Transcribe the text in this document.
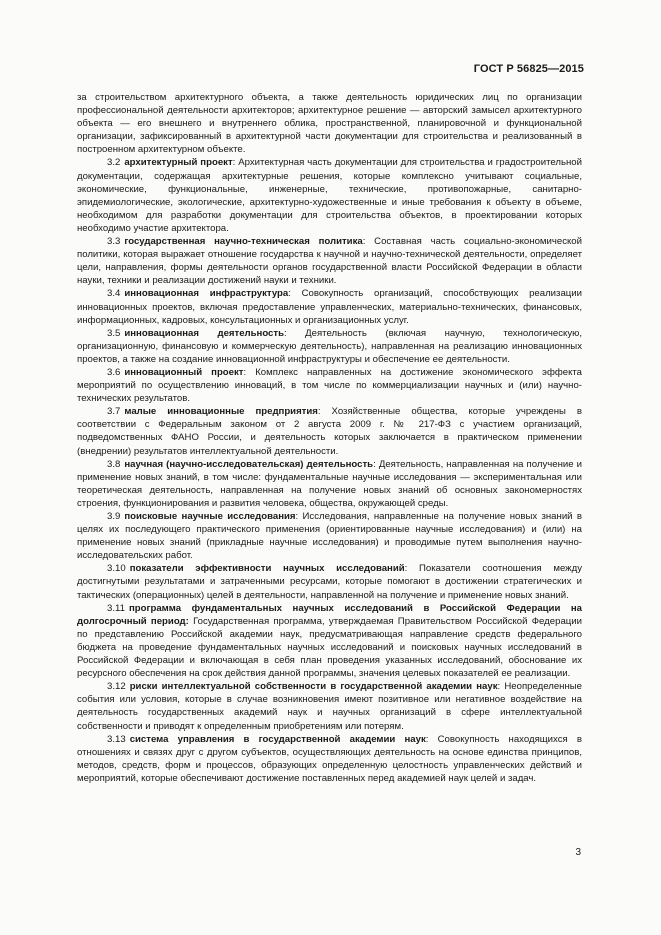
ГОСТ Р 56825—2015

за строительством архитектурного объекта, а также деятельность юридических лиц по организации профессиональной деятельности архитекторов; архитектурное решение — авторский замысел архитектурного объекта — его внешнего и внутреннего облика, пространственной, планировочной и функциональной организации, зафиксированный в архитектурной части документации для строительства и реализованный в построенном архитектурном объекте.

3.2 архитектурный проект: Архитектурная часть документации для строительства и градостроительной документации, содержащая архитектурные решения, которые комплексно учитывают социальные, экономические, функциональные, инженерные, технические, противопожарные, санитарно-эпидемиологические, экологические, архитектурно-художественные и иные требования к объекту в объеме, необходимом для разработки документации для строительства объектов, в проектировании которых необходимо участие архитектора.

3.3 государственная научно-техническая политика: Составная часть социально-экономической политики, которая выражает отношение государства к научной и научно-технической деятельности, определяет цели, направления, формы деятельности органов государственной власти Российской Федерации в области науки, техники и реализации достижений науки и техники.

3.4 инновационная инфраструктура: Совокупность организаций, способствующих реализации инновационных проектов, включая предоставление управленческих, материально-технических, финансовых, информационных, кадровых, консультационных и организационных услуг.

3.5 инновационная деятельность: Деятельность (включая научную, технологическую, организационную, финансовую и коммерческую деятельность), направленная на реализацию инновационных проектов, а также на создание инновационной инфраструктуры и обеспечение ее деятельности.

3.6 инновационный проект: Комплекс направленных на достижение экономического эффекта мероприятий по осуществлению инноваций, в том числе по коммерциализации научных и (или) научно-технических результатов.

3.7 малые инновационные предприятия: Хозяйственные общества, которые учреждены в соответствии с Федеральным законом от 2 августа 2009 г. № 217-ФЗ с участием организаций, подведомственных ФАНО России, и деятельность которых заключается в практическом применении (внедрении) результатов интеллектуальной деятельности.

3.8 научная (научно-исследовательская) деятельность: Деятельность, направленная на получение и применение новых знаний, в том числе: фундаментальные научные исследования — экспериментальная или теоретическая деятельность, направленная на получение новых знаний об основных закономерностях строения, функционирования и развития человека, общества, окружающей среды.

3.9 поисковые научные исследования: Исследования, направленные на получение новых знаний в целях их последующего практического применения (ориентированные научные исследования) и (или) на применение новых знаний (прикладные научные исследования) и проводимые путем выполнения научно-исследовательских работ.

3.10 показатели эффективности научных исследований: Показатели соотношения между достигнутыми результатами и затраченными ресурсами, которые помогают в достижении стратегических и тактических (операционных) целей в деятельности, направленной на получение и применение новых знаний.

3.11 программа фундаментальных научных исследований в Российской Федерации на долгосрочный период: Государственная программа, утверждаемая Правительством Российской Федерации по представлению Российской академии наук, предусматривающая направление средств федерального бюджета на проведение фундаментальных научных исследований и поисковых научных исследований в Российской Федерации и включающая в себя план проведения указанных исследований, обоснование их ресурсного обеспечения на срок действия данной программы, значения целевых показателей ее реализации.

3.12 риски интеллектуальной собственности в государственной академии наук: Неопределенные события или условия, которые в случае возникновения имеют позитивное или негативное воздействие на деятельность государственных академий наук и научных организаций в сфере интеллектуальной собственности и приводят к определенным приобретениям или потерям.

3.13 система управления в государственной академии наук: Совокупность находящихся в отношениях и связях друг с другом субъектов, осуществляющих деятельность на основе единства принципов, методов, средств, форм и процессов, образующих определенную целостность управленческих действий и мероприятий, которые обеспечивают достижение поставленных перед академией наук целей и задач.

3
